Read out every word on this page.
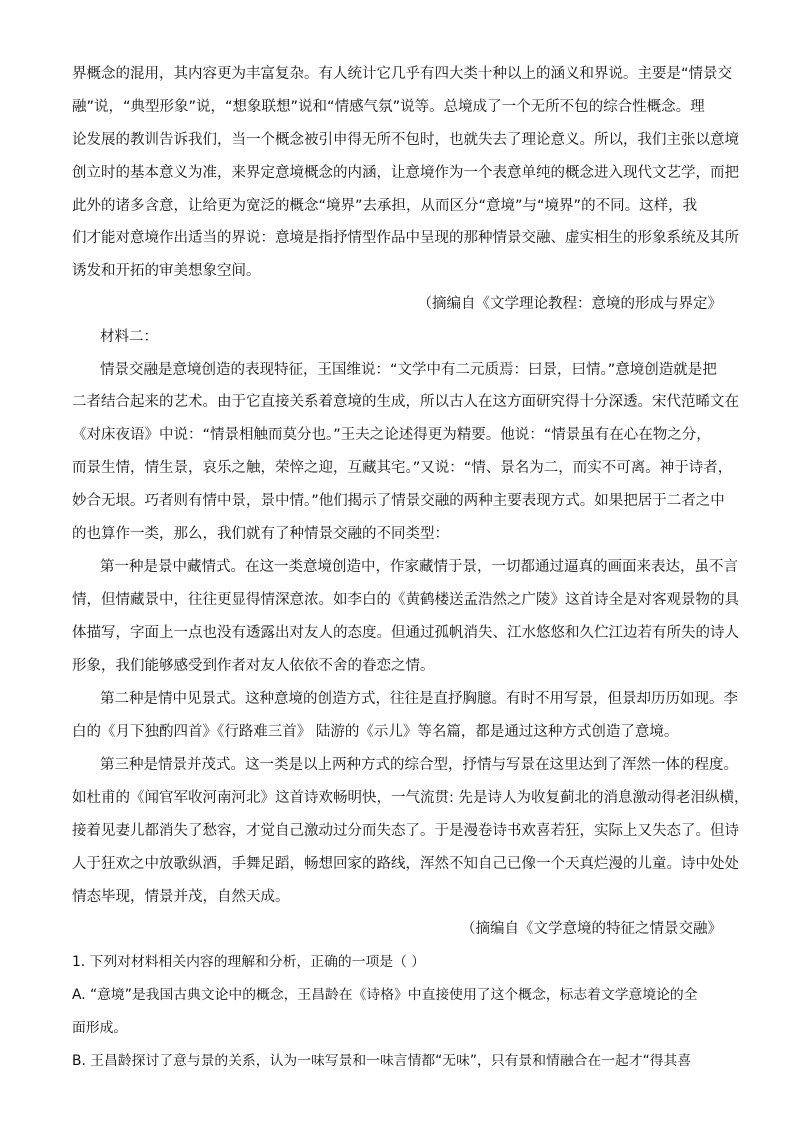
界概念的混用，其内容更为丰富复杂。有人统计它几乎有四大类十种以上的涵义和界说。主要是“情景交
融”说，“典型形象”说，“想象联想”说和“情感气氛”说等。总境成了一个无所不包的综合性概念。理
论发展的教训告诉我们，当一个概念被引申得无所不包时，也就失去了理论意义。所以，我们主张以意境
创立时的基本意义为准，来界定意境概念的内涵，让意境作为一个表意单纯的概念进入现代文艺学，而把
此外的诸多含意，让给更为宽泛的概念“境界”去承担，从而区分“意境”与“境界”的不同。这样，我
们才能对意境作出适当的界说：意境是指抒情型作品中呈现的那种情景交融、虚实相生的形象系统及其所
诱发和开拓的审美想象空间。
（摘编自《文学理论教程：意境的形成与界定》
材料二：
情景交融是意境创造的表现特征，王国维说：“文学中有二元质焉：曰景，曰情。”意境创造就是把
二者结合起来的艺术。由于它直接关系着意境的生成，所以古人在这方面研究得十分深透。宋代范晞文在
《对床夜语》中说：“情景相触而莫分也。”王夫之论述得更为精要。他说：“情景虽有在心在物之分，
而景生情，情生景，哀乐之触，荣悴之迎，互藏其宅。”又说：“情、景名为二，而实不可离。神于诗者，
妙合无垠。巧者则有情中景，景中情。”他们揭示了情景交融的两种主要表现方式。如果把居于二者之中
的也算作一类，那么，我们就有了种情景交融的不同类型：
第一种是景中藏情式。在这一类意境创造中，作家藏情于景，一切都通过逼真的画面来表达，虽不言
情，但情藏景中，往往更显得情深意浓。如李白的《黄鹤楼送孟浩然之广陵》这首诗全是对客观景物的具
体描写，字面上一点也没有透露出对友人的态度。但通过孤帆消失、江水悠悠和久伫江边若有所失的诗人
形象，我们能够感受到作者对友人依依不舍的眷恋之情。
第二种是情中见景式。这种意境的创造方式，往往是直抒胸臆。有时不用写景，但景却历历如现。李
白的《月下独酌四首》《行路难三首》 陆游的《示儿》等名篇，都是通过这种方式创造了意境。
第三种是情景并茂式。这一类是以上两种方式的综合型，抒情与写景在这里达到了浑然一体的程度。
如杜甫的《闻官军收河南河北》这首诗欢畅明快，一气流贯: 先是诗人为收复蓟北的消息激动得老泪纵横，
接着见妻儿都消失了愁容，才觉自己激动过分而失态了。于是漫卷诗书欢喜若狂，实际上又失态了。但诗
人于狂欢之中放歌纵酒，手舞足蹈，畅想回家的路线，浑然不知自己已像一个天真烂漫的儿童。诗中处处
情态毕现，情景并茂，自然天成。
（摘编自《文学意境的特征之情景交融》
1. 下列对材料相关内容的理解和分析，正确的一项是（ ）
A. “意境”是我国古典文论中的概念，王昌龄在《诗格》中直接使用了这个概念，标志着文学意境论的全
面形成。
B. 王昌龄探讨了意与景的关系，认为一味写景和一味言情都“无味”，只有景和情融合在一起才“得其喜
